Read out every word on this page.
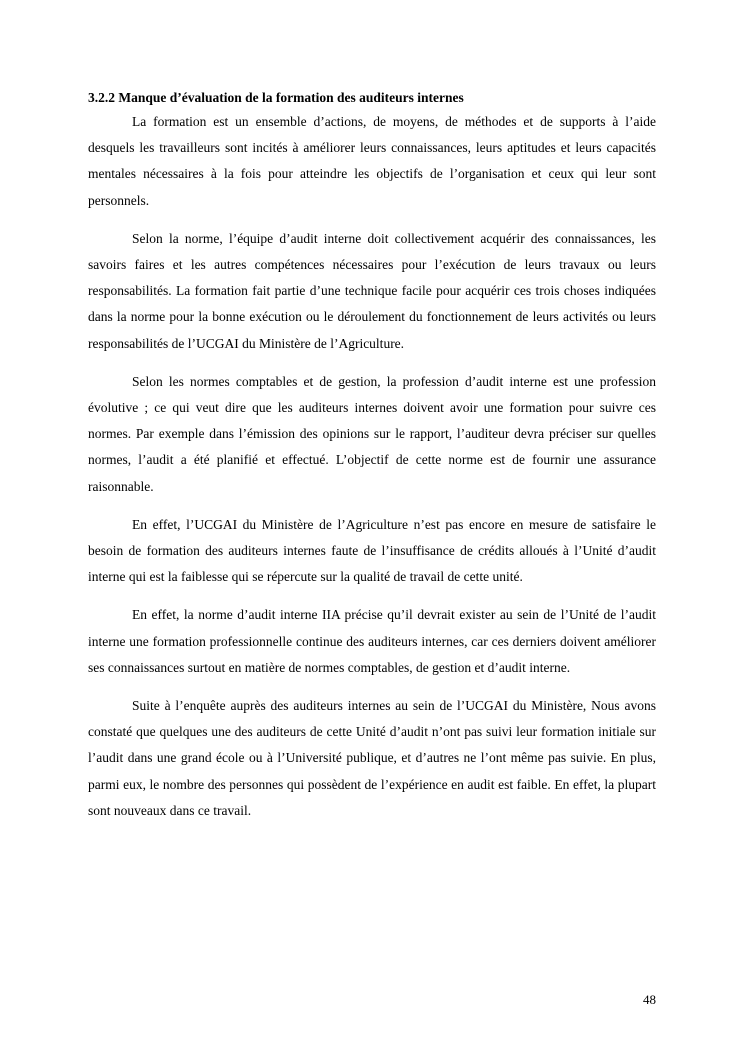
3.2.2 Manque d’évaluation de la formation des auditeurs internes

La formation est un ensemble d’actions, de moyens, de méthodes et de supports à l’aide desquels les travailleurs sont incités à améliorer leurs connaissances, leurs aptitudes et leurs capacités mentales nécessaires à la fois pour atteindre les objectifs de l’organisation et ceux qui leur sont personnels.

Selon la norme, l’équipe d’audit interne doit collectivement acquérir des connaissances, les savoirs faires et les autres compétences nécessaires pour l’exécution de leurs travaux ou leurs responsabilités. La formation fait partie d’une technique facile pour acquérir ces trois choses indiquées dans la norme pour la bonne exécution ou le déroulement du fonctionnement de leurs activités ou leurs responsabilités de l’UCGAI du Ministère de l’Agriculture.

Selon les normes comptables et de gestion, la profession d’audit interne est une profession évolutive ; ce qui veut dire que les auditeurs internes doivent avoir une formation pour suivre ces normes. Par exemple dans l’émission des opinions sur le rapport, l’auditeur devra préciser sur quelles normes, l’audit a été planifié et effectué. L’objectif de cette norme est de fournir une assurance raisonnable.

En effet, l’UCGAI du Ministère de l’Agriculture n’est pas encore en mesure de satisfaire le besoin de formation des auditeurs internes faute de l’insuffisance de crédits alloués à l’Unité d’audit interne qui est la faiblesse qui se répercute sur la qualité de travail de cette unité.

En effet, la norme d’audit interne IIA précise qu’il devrait exister au sein de l’Unité de l’audit interne une formation professionnelle continue des auditeurs internes, car ces derniers doivent améliorer ses connaissances surtout en matière de normes comptables, de gestion et d’audit interne.

Suite à l’enquête auprès des auditeurs internes au sein de l’UCGAI du Ministère, Nous avons constaté que quelques une des auditeurs de cette Unité d’audit n’ont pas suivi leur formation initiale sur l’audit dans une grand école ou à l’Université publique, et d’autres ne l’ont même pas suivie. En plus, parmi eux, le nombre des personnes qui possèdent de l’expérience en audit est faible. En effet, la plupart sont nouveaux dans ce travail.

48
